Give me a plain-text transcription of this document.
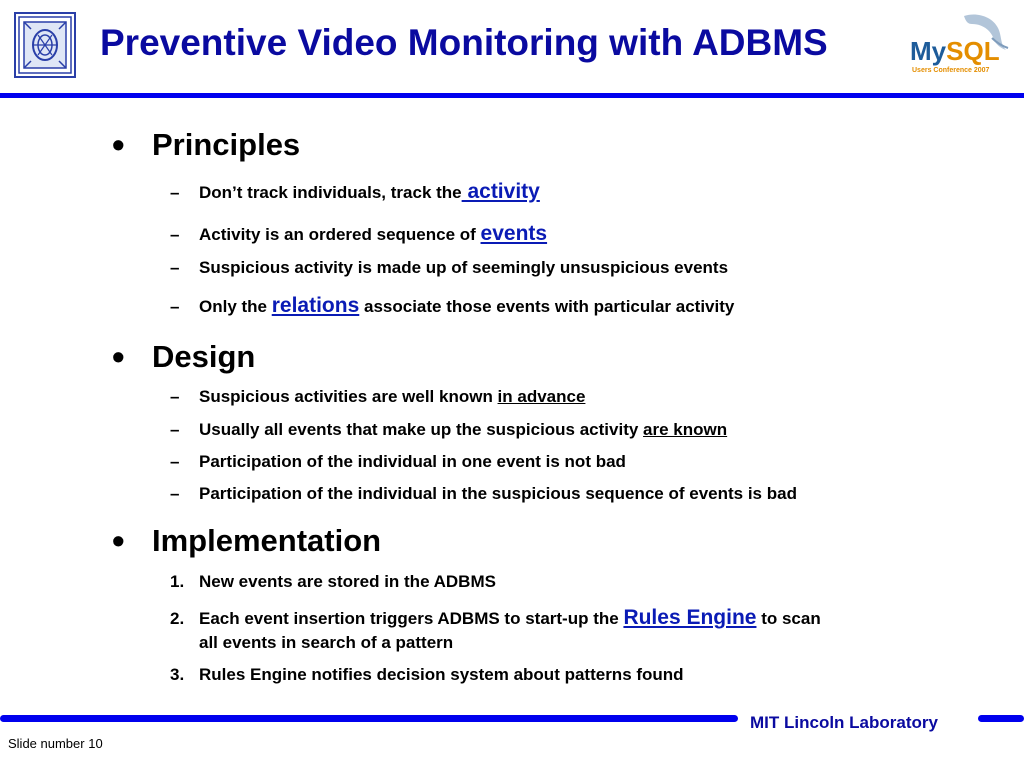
Preventive Video Monitoring with ADBMS	MySQL
Users Conference 2007
• Principles
– Don’t track individuals, track the activity
– Activity is an ordered sequence of events
– Suspicious activity is made up of seemingly unsuspicious events
– Only the relations associate those events with particular activity
• Design
– Suspicious activities are well known in advance
– Usually all events that make up the suspicious activity are known
– Participation of the individual in one event is not bad
– Participation of the individual in the suspicious sequence of events is bad
• Implementation
1. New events are stored in the ADBMS
2. Each event insertion triggers ADBMS to start-up the Rules Engine to scan
all events in search of a pattern
3. Rules Engine notifies decision system about patterns found
MIT Lincoln Laboratory
Slide number 10
